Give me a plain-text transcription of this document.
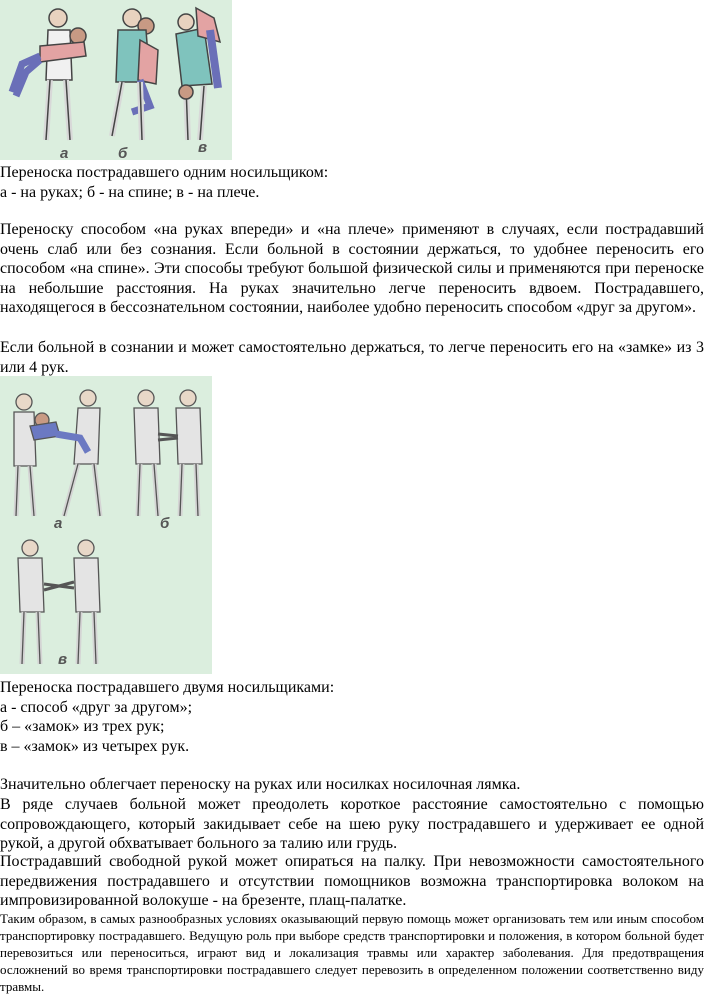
а	б	в

Переноска пострадавшего одним носильщиком:

а - на руках; б - на спине; в - на плече.

Переноску способом «на руках впереди» и «на плече» применяют в случаях, если пострадавший очень слаб или без сознания. Если больной в состоянии держаться, то удобнее переносить его способом «на спине». Эти способы требуют большой физической силы и применяются при переноске на небольшие расстояния. На руках значительно легче переносить вдвоем. Пострадавшего, находящегося в бессознательном состоянии, наиболее удобно переносить способом «друг за другом».

Если больной в сознании и может самостоятельно держаться, то легче переносить его на «замке» из 3 или 4 рук.

а	б
в

Переноска пострадавшего двумя носильщиками:

а - способ «друг за другом»;

б – «замок» из трех рук;

в – «замок» из четырех рук.

Значительно облегчает переноску на руках или носилках носилочная лямка.

В ряде случаев больной может преодолеть короткое расстояние самостоятельно с помощью сопровождающего, который закидывает себе на шею руку пострадавшего и удерживает ее одной рукой, а другой обхватывает больного за талию или грудь.

Пострадавший свободной рукой может опираться на палку. При невозможности самостоятельного передвижения пострадавшего и отсутствии помощников возможна транспортировка волоком на импровизированной волокуше - на брезенте, плащ-палатке.

Таким образом, в самых разнообразных условиях оказывающий первую помощь может организовать тем или иным способом транспортировку пострадавшего. Ведущую роль при выборе средств транспортировки и положения, в котором больной будет перевозиться или переноситься, играют вид и локализация травмы или характер заболевания. Для предотвращения осложнений во время транспортировки пострадавшего следует перевозить в определенном положении соответственно виду травмы.
